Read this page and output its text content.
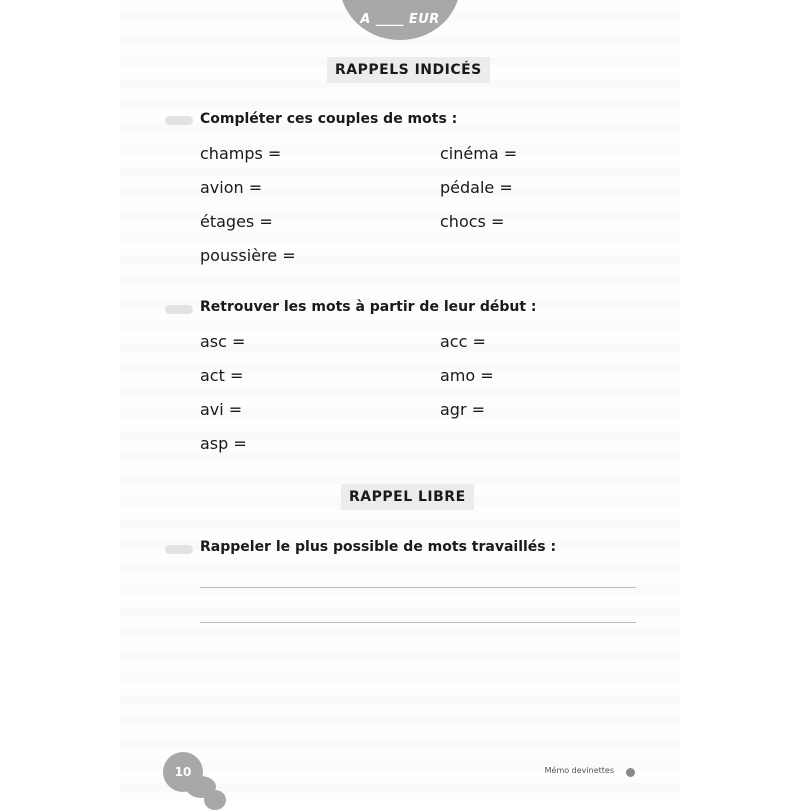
A ____ EUR
RAPPELS INDICÉS
Compléter ces couples de mots :
champs =	cinéma =
avion =	pédale =
étages =	chocs =
poussière =
Retrouver les mots à partir de leur début :
asc =	acc =
act =	amo =
avi =	agr =
asp =
RAPPEL LIBRE
Rappeler le plus possible de mots travaillés :
10	Mémo devinettes
